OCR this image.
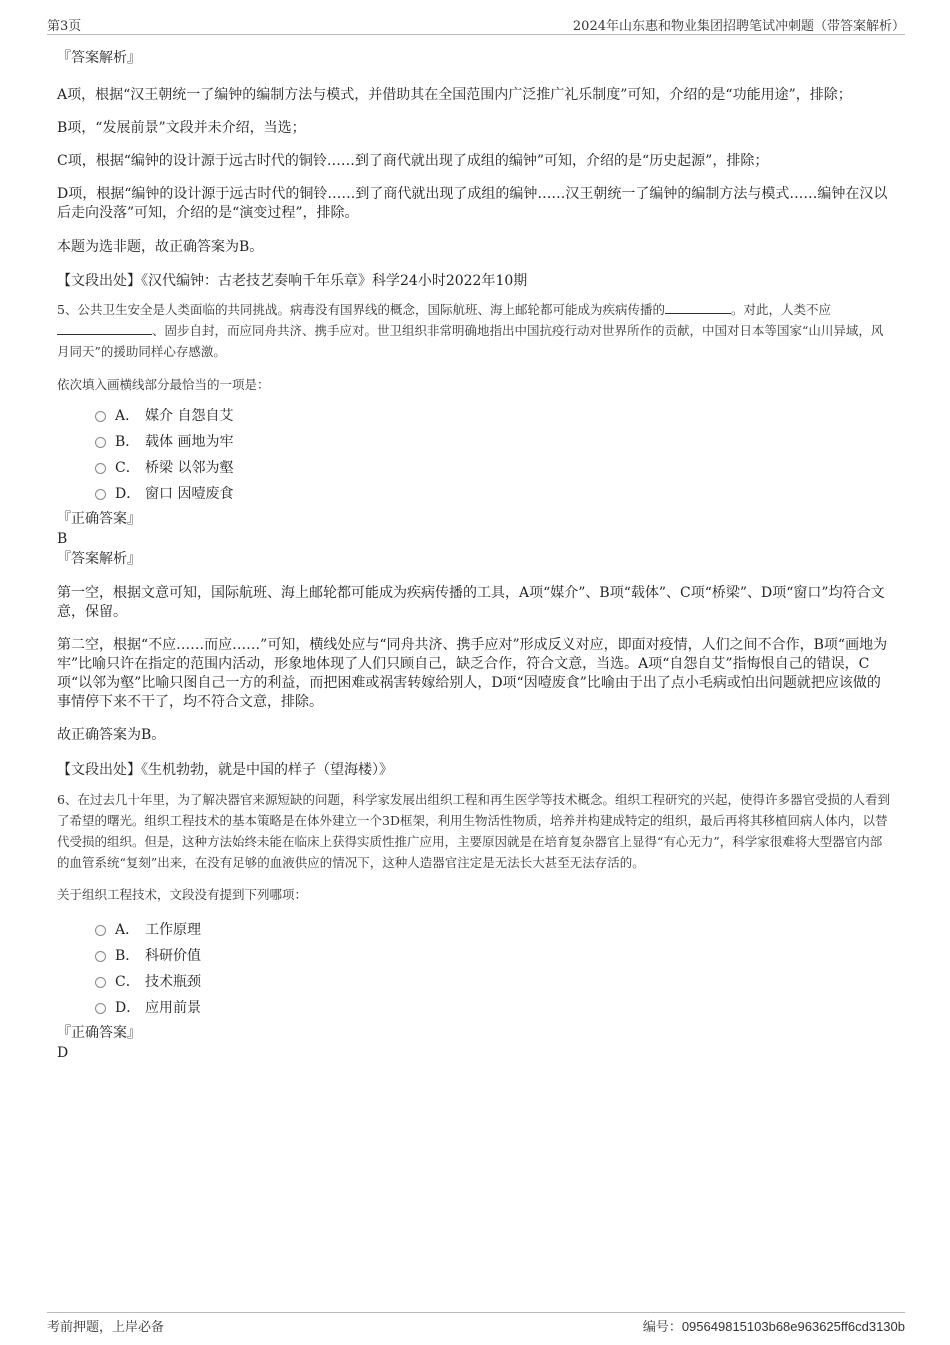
第3页	2024年山东惠和物业集团招聘笔试冲刺题（带答案解析）

『答案解析』

A项，根据“汉王朝统一了编钟的编制方法与模式，并借助其在全国范围内广泛推广礼乐制度”可知，介绍的是“功能用途”，排除；

B项，“发展前景”文段并未介绍，当选；

C项，根据“编钟的设计源于远古时代的铜铃……到了商代就出现了成组的编钟”可知，介绍的是“历史起源”，排除；

D项，根据“编钟的设计源于远古时代的铜铃……到了商代就出现了成组的编钟……汉王朝统一了编钟的编制方法与模式……编钟在汉以后走向没落”可知，介绍的是“演变过程”，排除。

本题为选非题，故正确答案为B。

【文段出处】《汉代编钟：古老技艺奏响千年乐章》科学24小时2022年10期

5、公共卫生安全是人类面临的共同挑战。病毒没有国界线的概念，国际航班、海上邮轮都可能成为疾病传播的	。对此，人类不应、固步自封，而应同舟共济、携手应对。世卫组织非常明确地指出中国抗疫行动对世界所作的贡献，中国对日本等国家“山川异域，风月同天”的援助同样心存感激。

依次填入画横线部分最恰当的一项是：

A． 媒介 自怨自艾
B． 载体 画地为牢
C． 桥梁 以邻为壑
D． 窗口 因噎废食

『正确答案』

B

『答案解析』

第一空，根据文意可知，国际航班、海上邮轮都可能成为疾病传播的工具，A项“媒介”、B项“载体”、C项“桥梁”、D项“窗口”均符合文意，保留。

第二空，根据“不应……而应……”可知，横线处应与“同舟共济、携手应对”形成反义对应，即面对疫情，人们之间不合作，B项“画地为牢”比喻只许在指定的范围内活动，形象地体现了人们只顾自己，缺乏合作，符合文意，当选。A项“自怨自艾”指悔恨自己的错误，C项“以邻为壑”比喻只图自己一方的利益，而把困难或祸害转嫁给别人，D项“因噎废食”比喻由于出了点小毛病或怕出问题就把应该做的事情停下来不干了，均不符合文意，排除。

故正确答案为B。

【文段出处】《生机勃勃，就是中国的样子（望海楼）》

6、在过去几十年里，为了解决器官来源短缺的问题，科学家发展出组织工程和再生医学等技术概念。组织工程研究的兴起，使得许多器官受损的人看到了希望的曙光。组织工程技术的基本策略是在体外建立一个3D框架，利用生物活性物质，培养并构建成特定的组织，最后再将其移植回病人体内，以替代受损的组织。但是，这种方法始终未能在临床上获得实质性推广应用，主要原因就是在培育复杂器官上显得“有心无力”，科学家很难将大型器官内部的血管系统“复刻”出来，在没有足够的血液供应的情况下，这种人造器官注定是无法长大甚至无法存活的。

关于组织工程技术，文段没有提到下列哪项：

A． 工作原理
B． 科研价值
C． 技术瓶颈
D． 应用前景

『正确答案』

D

考前押题，上岸必备	编号：095649815103b68e963625ff6cd3130b
